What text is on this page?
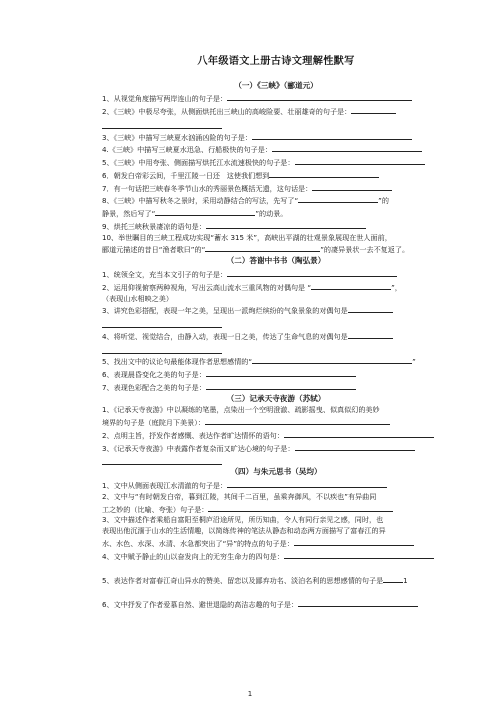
八年级语文上册古诗文理解性默写
（一）《三峡》（郦道元）
1、从视觉角度描写两岸连山的句子是：
2、《三峡》中极尽夸张，从侧面烘托出三峡山的高峻险要、壮丽雄奇的句子是：
3、《三峡》中描写三峡夏水汹涌凶险的句子是：
4.《三峡》中描写三峡夏水迅急、行船极快的句子是：
5、《三峡》中用夸张、侧面描写烘托江水流速极快的句子是：
6．朝发白帝彩云间，千里江陵一日还   这使我们想到
7．有一句话把三峡春冬季节山水的秀丽景色概括无遗，这句话是：
8、《三峡》中描写秋冬之景时，采用动静结合的写法，先写了“	”的
静景，然后写了“	”的动景。
9、烘托三峡秋景凄凉的语句是：
10、举世瞩目的三峡工程成功实现“蓄水 315 米”，高峡出平湖的壮观景象展现在世人面前，
郦道元描述的昔日“渔者歌曰”的“	”的凄异景状一去不复返了。
（二）答谢中书书（陶弘景）
1、统领全文，充当本文引子的句子是：
2、运用仰视俯察两种视角，写出云高山流水三重风物的对偶句是 “	”，
（表现山水相映之美）
3、讲究色彩搭配，表现一年之美，呈现出一派绚烂缤纷的气象景象的对偶句是
4、将听觉、视觉结合，由静入动，表现一日之美，传达了生命气息的对偶句是
5、找出文中的议论句最能体现作者思想感情的“	”
6、表现晨昏变化之美的句子是：
7、表现色彩配合之美的句子是：
（三）记承天寺夜游（苏轼）
1、《记承天寺夜游》中以凝练的笔墨，点染出一个空明澄澈、疏影摇曳、似真似幻的美妙
境界的句子是（庭院月下美景）：
2、点明主旨，抒发作者感慨、表达作者旷达情怀的语句：
3、《记承天寺夜游》中表露作者复杂而又旷达心境的句子是：
（四）与朱元思书（吴均）
1、文中从侧面表现江水清澈的句子是：
2、文中与“有时朝发白帝，暮到江陵，其间千二百里，虽乘奔御风，不以疾也”有异曲同
工之妙的（比喻、夸张）句子是：
3、文中描述作者乘船自富阳至桐庐沿途所见，所历知曲，令人有同行亲见之感，同时，也
表现出他沉湎于山水的生活情趣，以简练传神的笔法从静态和动态两方面描写了富春江的异
水、水色、水深、水清、水急都突出了“异”的特点的句子是：
4、文中赋予静止的山以奋发向上的无穷生命力的四句是：
5、表达作者对富春江奇山异水的赞美、留恋以及鄙弃功名、淡泊名利的思想感情的句子是	1
6、文中抒发了作者爱慕自然、避世退隐的高洁志趣的句子是：
1
